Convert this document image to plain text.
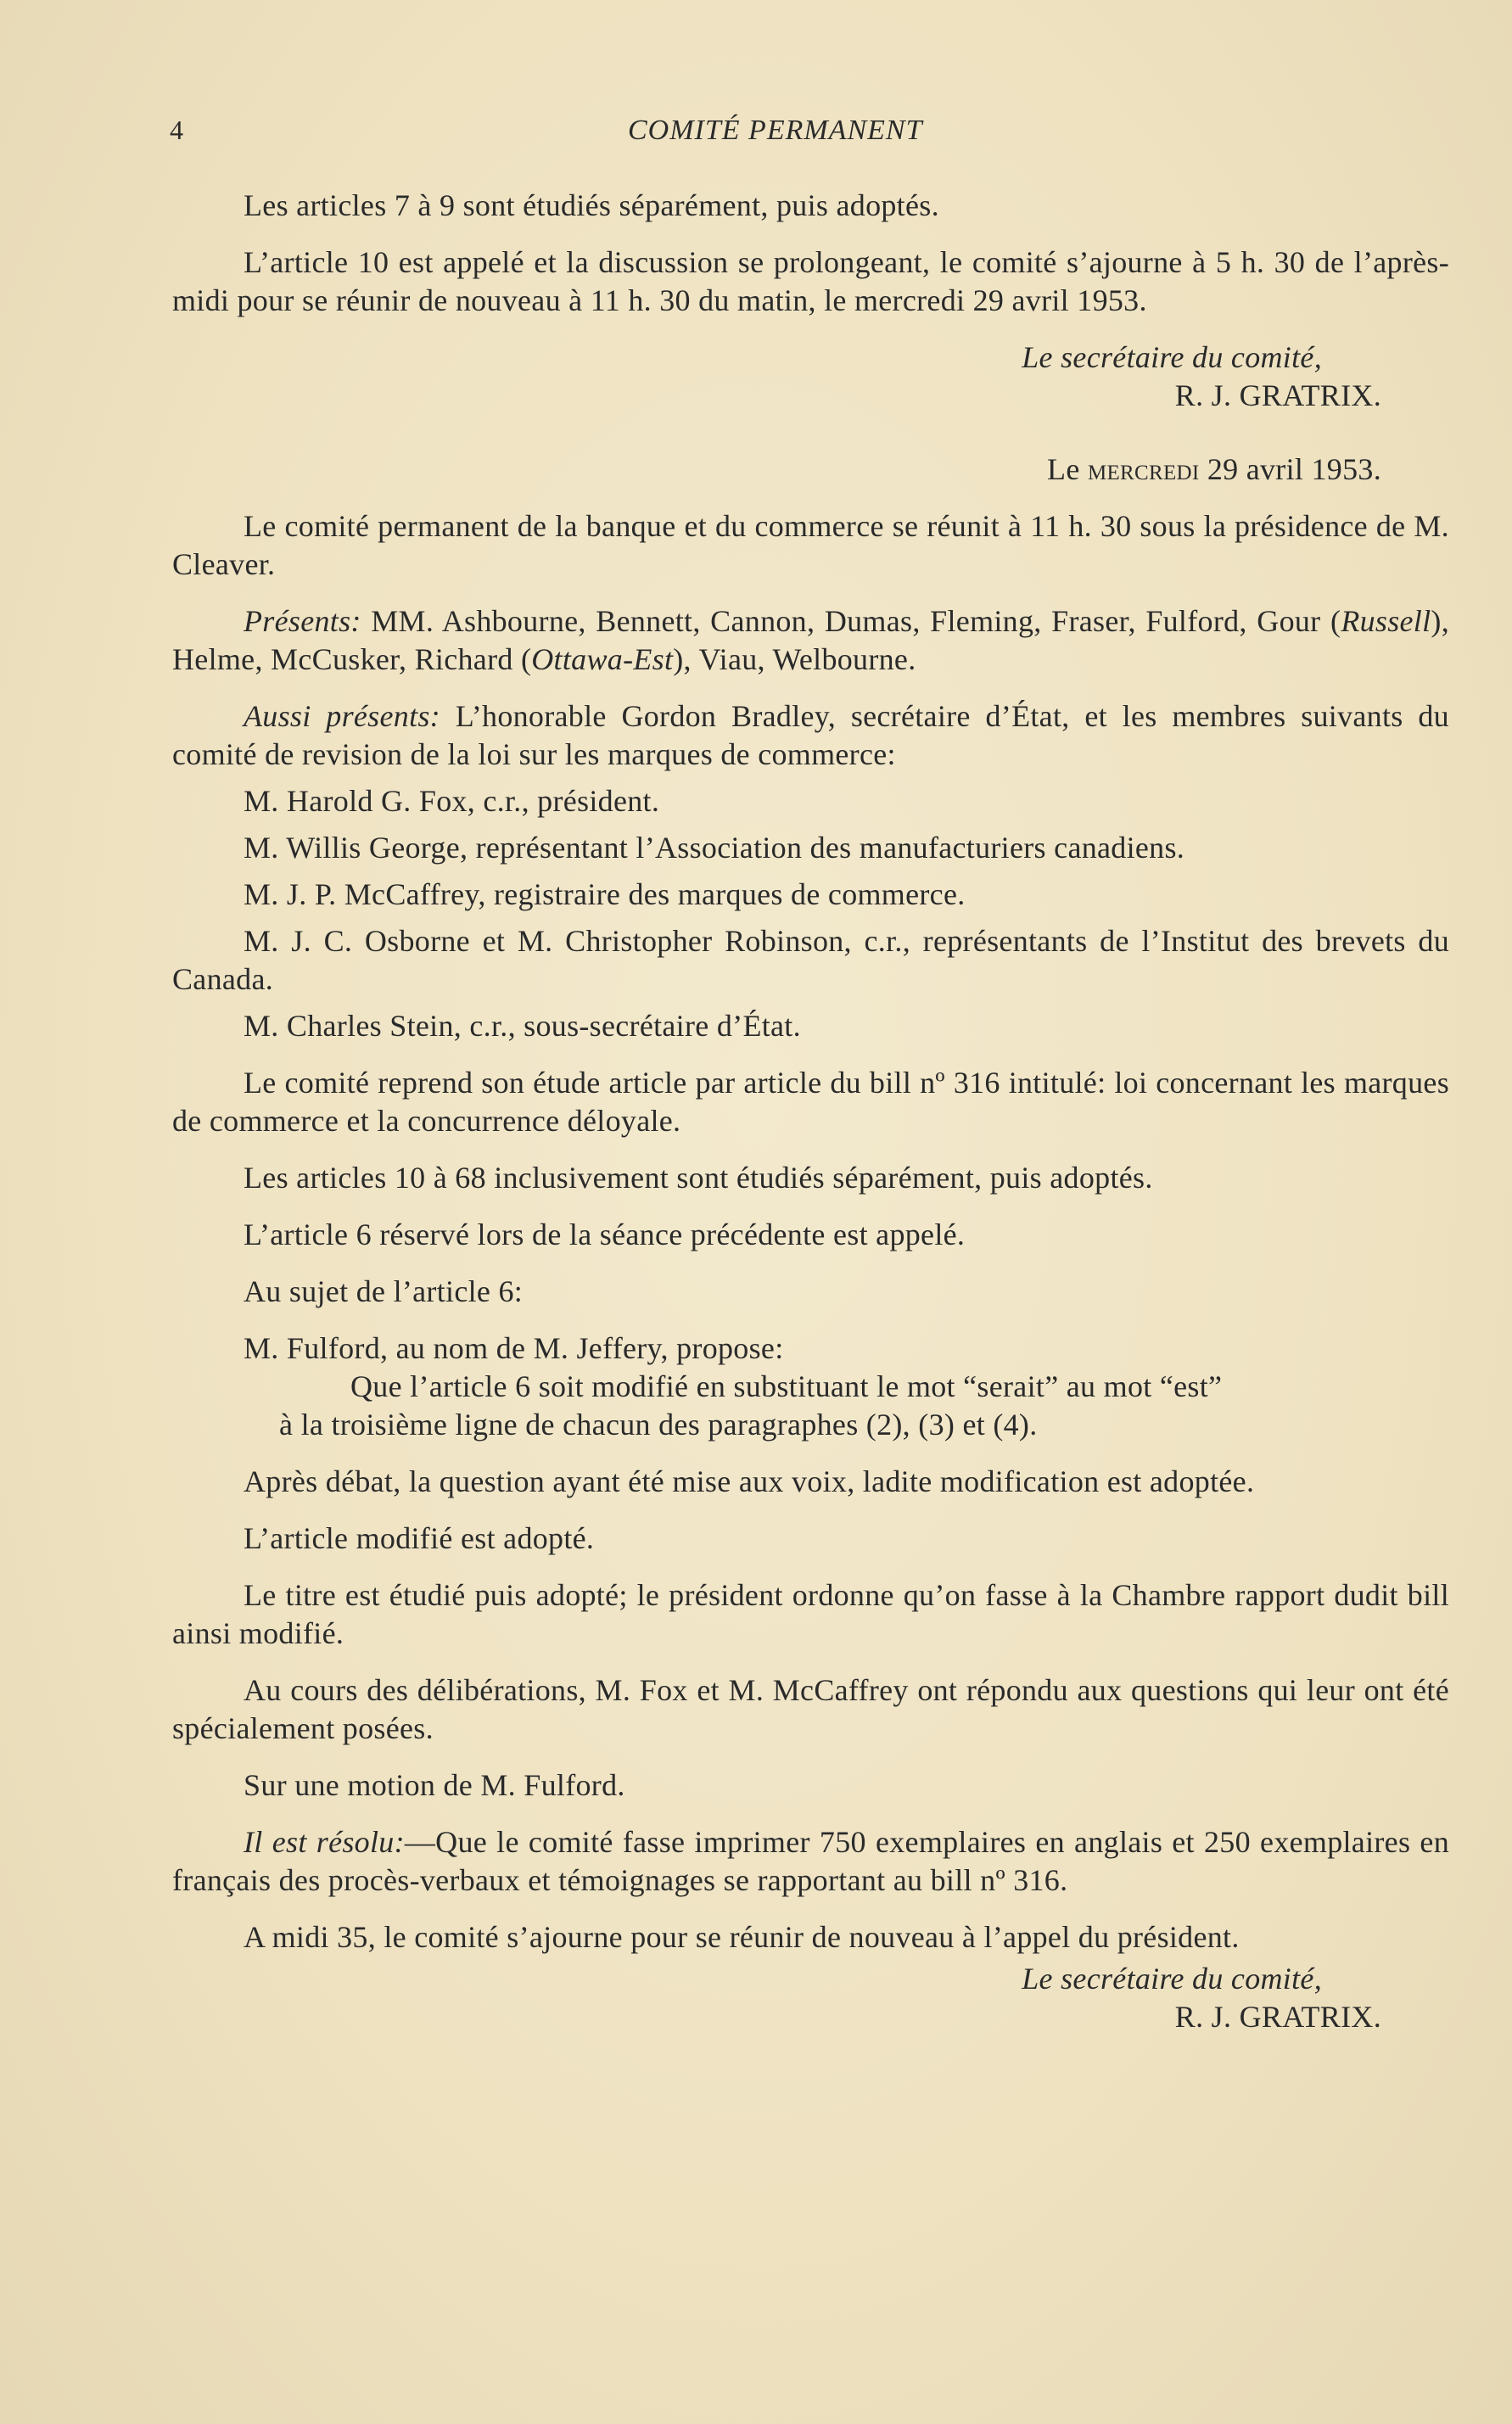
4	COMITÉ PERMANENT

Les articles 7 à 9 sont étudiés séparément, puis adoptés.

L’article 10 est appelé et la discussion se prolongeant, le comité s’ajourne à 5 h. 30 de l’après-midi pour se réunir de nouveau à 11 h. 30 du matin, le mercredi 29 avril 1953.

Le secrétaire du comité,

R. J. GRATRIX.

Le mercredi 29 avril 1953.

Le comité permanent de la banque et du commerce se réunit à 11 h. 30 sous la présidence de M. Cleaver.

Présents: MM. Ashbourne, Bennett, Cannon, Dumas, Fleming, Fraser, Fulford, Gour (Russell), Helme, McCusker, Richard (Ottawa-Est), Viau, Welbourne.

Aussi présents: L’honorable Gordon Bradley, secrétaire d’État, et les membres suivants du comité de revision de la loi sur les marques de commerce:

M. Harold G. Fox, c.r., président.

M. Willis George, représentant l’Association des manufacturiers canadiens.

M. J. P. McCaffrey, registraire des marques de commerce.

M. J. C. Osborne et M. Christopher Robinson, c.r., représentants de l’Institut des brevets du Canada.

M. Charles Stein, c.r., sous-secrétaire d’État.

Le comité reprend son étude article par article du bill nº 316 intitulé: loi concernant les marques de commerce et la concurrence déloyale.

Les articles 10 à 68 inclusivement sont étudiés séparément, puis adoptés.

L’article 6 réservé lors de la séance précédente est appelé.

Au sujet de l’article 6:

M. Fulford, au nom de M. Jeffery, propose:

Que l’article 6 soit modifié en substituant le mot “serait” au mot “est”

à la troisième ligne de chacun des paragraphes (2), (3) et (4).

Après débat, la question ayant été mise aux voix, ladite modification est adoptée.

L’article modifié est adopté.

Le titre est étudié puis adopté; le président ordonne qu’on fasse à la Chambre rapport dudit bill ainsi modifié.

Au cours des délibérations, M. Fox et M. McCaffrey ont répondu aux questions qui leur ont été spécialement posées.

Sur une motion de M. Fulford.

Il est résolu:—Que le comité fasse imprimer 750 exemplaires en anglais et 250 exemplaires en français des procès-verbaux et témoignages se rapportant au bill nº 316.

A midi 35, le comité s’ajourne pour se réunir de nouveau à l’appel du président.

Le secrétaire du comité,

R. J. GRATRIX.
